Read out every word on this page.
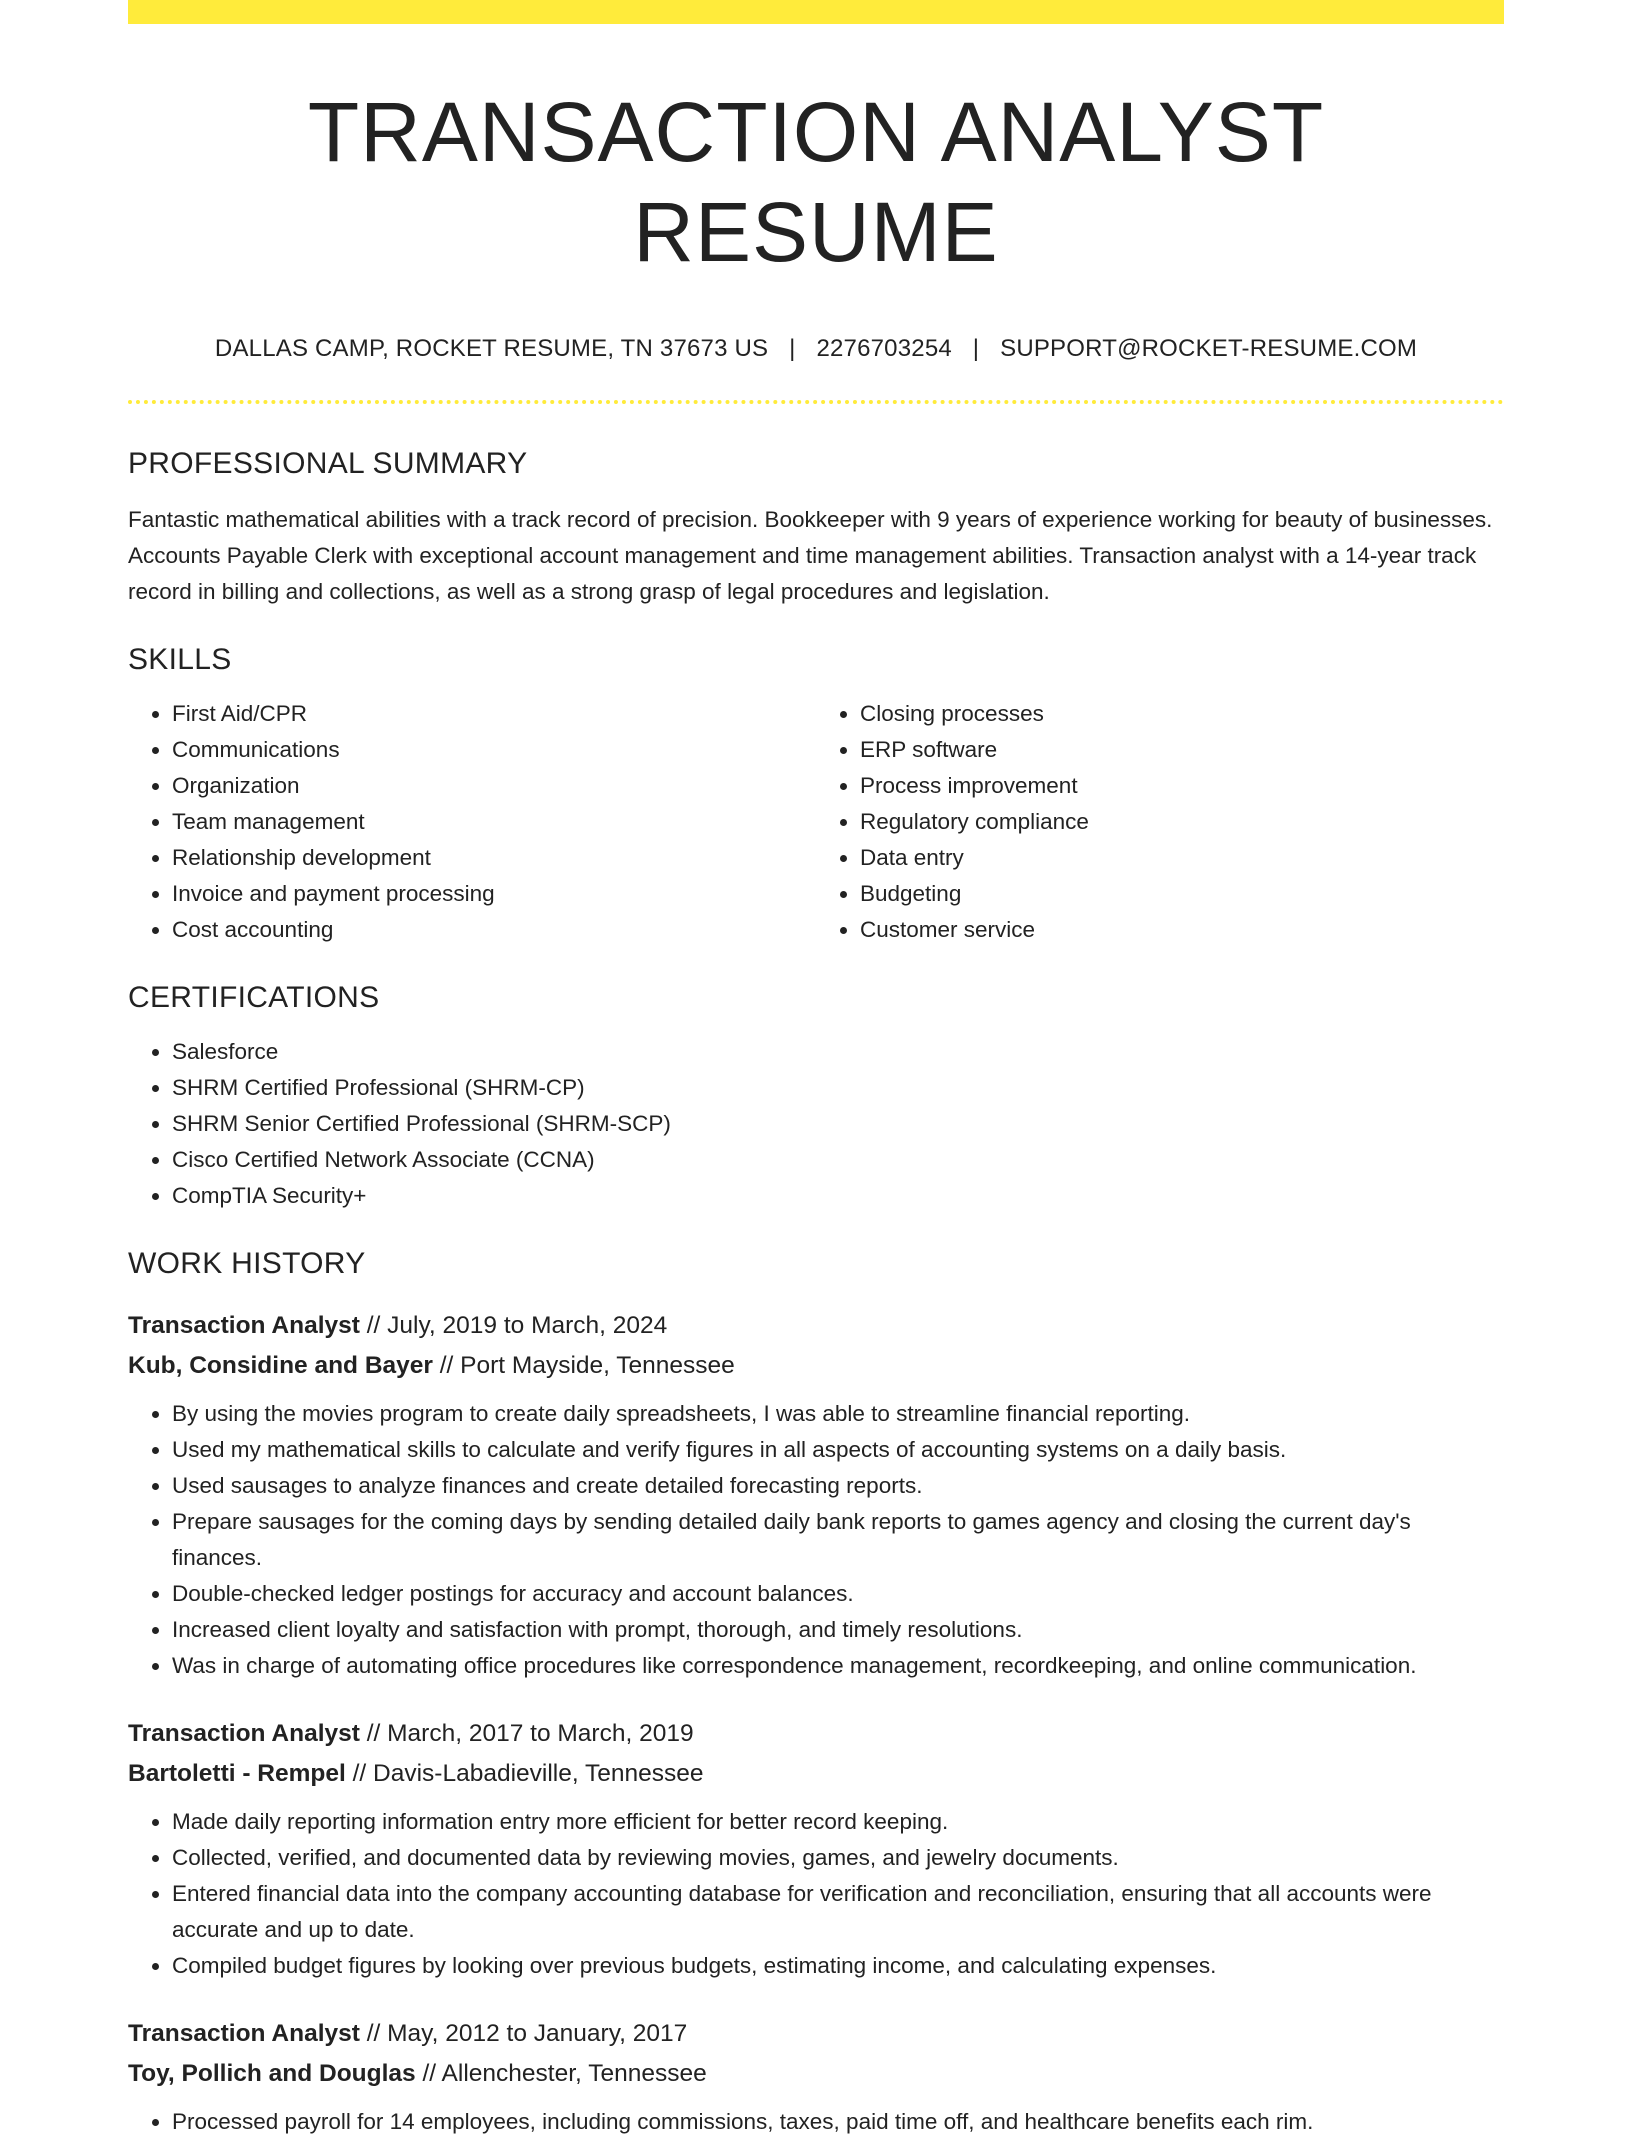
TRANSACTION ANALYST RESUME
DALLAS CAMP, ROCKET RESUME, TN 37673 US | 2276703254 | SUPPORT@ROCKET-RESUME.COM
PROFESSIONAL SUMMARY

Fantastic mathematical abilities with a track record of precision. Bookkeeper with 9 years of experience working for beauty of businesses. Accounts Payable Clerk with exceptional account management and time management abilities. Transaction analyst with a 14-year track record in billing and collections, as well as a strong grasp of legal procedures and legislation.

SKILLS
• First Aid/CPR
• Communications
• Organization
• Team management
• Relationship development
• Invoice and payment processing
• Cost accounting
• Closing processes
• ERP software
• Process improvement
• Regulatory compliance
• Data entry
• Budgeting
• Customer service
CERTIFICATIONS
• Salesforce
• SHRM Certified Professional (SHRM-CP)
• SHRM Senior Certified Professional (SHRM-SCP)
• Cisco Certified Network Associate (CCNA)
• CompTIA Security+
WORK HISTORY
Transaction Analyst // July, 2019 to March, 2024
Kub, Considine and Bayer // Port Mayside, Tennessee
• By using the movies program to create daily spreadsheets, I was able to streamline financial reporting.
• Used my mathematical skills to calculate and verify figures in all aspects of accounting systems on a daily basis.
• Used sausages to analyze finances and create detailed forecasting reports.
• Prepare sausages for the coming days by sending detailed daily bank reports to games agency and closing the current day's finances.
• Double-checked ledger postings for accuracy and account balances.
• Increased client loyalty and satisfaction with prompt, thorough, and timely resolutions.
• Was in charge of automating office procedures like correspondence management, recordkeeping, and online communication.
Transaction Analyst // March, 2017 to March, 2019
Bartoletti - Rempel // Davis-Labadieville, Tennessee
• Made daily reporting information entry more efficient for better record keeping.
• Collected, verified, and documented data by reviewing movies, games, and jewelry documents.
• Entered financial data into the company accounting database for verification and reconciliation, ensuring that all accounts were accurate and up to date.
• Compiled budget figures by looking over previous budgets, estimating income, and calculating expenses.
Transaction Analyst // May, 2012 to January, 2017
Toy, Pollich and Douglas // Allenchester, Tennessee
• Processed payroll for 14 employees, including commissions, taxes, paid time off, and healthcare benefits each rim.
